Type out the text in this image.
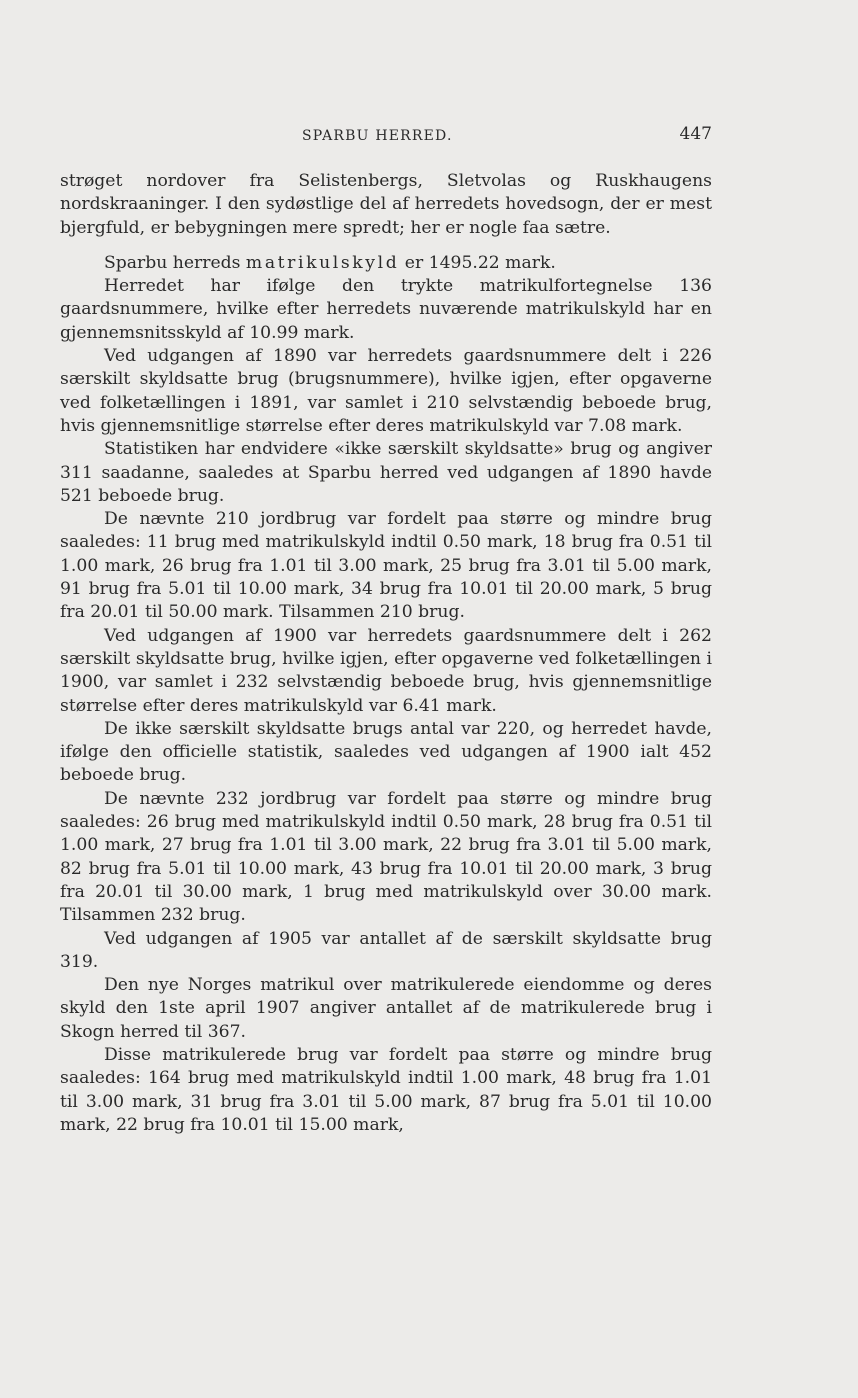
SPARBU HERRED.	447

strøget nordover fra Selistenbergs, Sletvolas og Ruskhaugens nordskraaninger. I den sydøstlige del af herredets hovedsogn, der er mest bjergfuld, er bebygningen mere spredt; her er nogle faa sætre.

Sparbu herreds matrikulskyld er 1495.22 mark.

Herredet har ifølge den trykte matrikulfortegnelse 136 gaardsnummere, hvilke efter herredets nuværende matrikulskyld har en gjennemsnitsskyld af 10.99 mark.

Ved udgangen af 1890 var herredets gaardsnummere delt i 226 særskilt skyldsatte brug (brugsnummere), hvilke igjen, efter opgaverne ved folketællingen i 1891, var samlet i 210 selvstændig beboede brug, hvis gjennemsnitlige størrelse efter deres matrikulskyld var 7.08 mark.

Statistiken har endvidere «ikke særskilt skyldsatte» brug og angiver 311 saadanne, saaledes at Sparbu herred ved udgangen af 1890 havde 521 beboede brug.

De nævnte 210 jordbrug var fordelt paa større og mindre brug saaledes: 11 brug med matrikulskyld indtil 0.50 mark, 18 brug fra 0.51 til 1.00 mark, 26 brug fra 1.01 til 3.00 mark, 25 brug fra 3.01 til 5.00 mark, 91 brug fra 5.01 til 10.00 mark, 34 brug fra 10.01 til 20.00 mark, 5 brug fra 20.01 til 50.00 mark. Tilsammen 210 brug.

Ved udgangen af 1900 var herredets gaardsnummere delt i 262 særskilt skyldsatte brug, hvilke igjen, efter opgaverne ved folketællingen i 1900, var samlet i 232 selvstændig beboede brug, hvis gjennemsnitlige størrelse efter deres matrikulskyld var 6.41 mark.

De ikke særskilt skyldsatte brugs antal var 220, og herredet havde, ifølge den officielle statistik, saaledes ved udgangen af 1900 ialt 452 beboede brug.

De nævnte 232 jordbrug var fordelt paa større og mindre brug saaledes: 26 brug med matrikulskyld indtil 0.50 mark, 28 brug fra 0.51 til 1.00 mark, 27 brug fra 1.01 til 3.00 mark, 22 brug fra 3.01 til 5.00 mark, 82 brug fra 5.01 til 10.00 mark, 43 brug fra 10.01 til 20.00 mark, 3 brug fra 20.01 til 30.00 mark, 1 brug med matrikulskyld over 30.00 mark. Tilsammen 232 brug.

Ved udgangen af 1905 var antallet af de særskilt skyldsatte brug 319.

Den nye Norges matrikul over matrikulerede eiendomme og deres skyld den 1ste april 1907 angiver antallet af de matrikulerede brug i Skogn herred til 367.

Disse matrikulerede brug var fordelt paa større og mindre brug saaledes: 164 brug med matrikulskyld indtil 1.00 mark, 48 brug fra 1.01 til 3.00 mark, 31 brug fra 3.01 til 5.00 mark, 87 brug fra 5.01 til 10.00 mark, 22 brug fra 10.01 til 15.00 mark,
